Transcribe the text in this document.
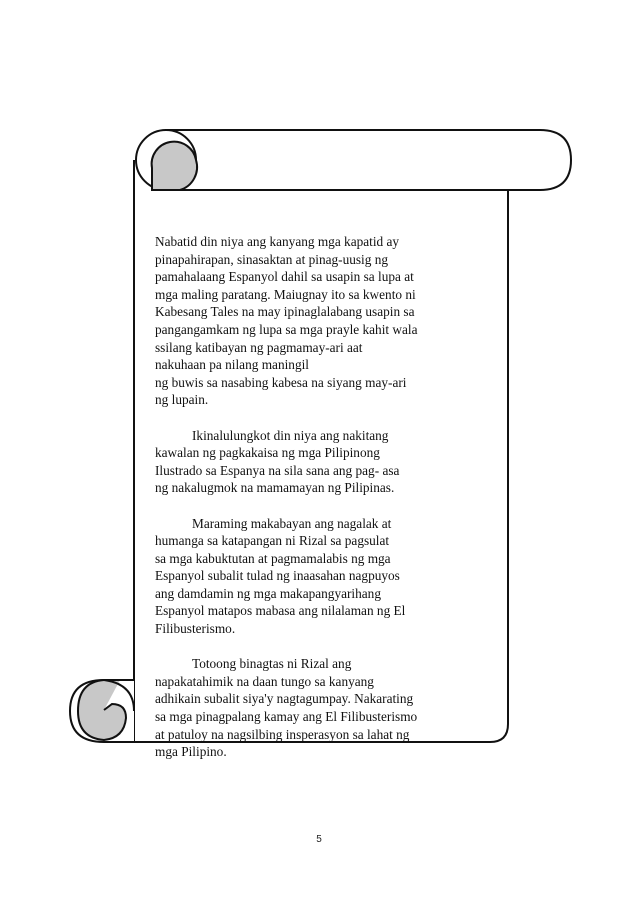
Nabatid din niya ang kanyang mga kapatid ay
pinapahirapan, sinasaktan at pinag-uusig ng
pamahalaang Espanyol dahil sa usapin sa lupa at
mga maling paratang. Maiugnay ito sa kwento ni
Kabesang Tales na may ipinaglalabang usapin sa
pangangamkam ng lupa sa mga prayle kahit wala
ssilang katibayan ng pagmamay-ari aat
nakuhaan pa nilang maningil
ng buwis sa nasabing kabesa na siyang may-ari
ng lupain.

Ikinalulungkot din niya ang nakitang
kawalan ng pagkakaisa ng mga Pilipinong
Ilustrado sa Espanya na sila sana ang pag- asa
ng nakalugmok na mamamayan ng Pilipinas.

Maraming makabayan ang nagalak at
humanga sa katapangan ni Rizal sa pagsulat
sa mga kabuktutan at pagmamalabis ng mga
Espanyol subalit tulad ng inaasahan nagpuyos
ang damdamin ng mga makapangyarihang
Espanyol matapos mabasa ang nilalaman ng El
Filibusterismo.

Totoong binagtas ni Rizal ang
napakatahimik na daan tungo sa kanyang
adhikain subalit siya'y nagtagumpay. Nakarating
sa mga pinagpalang kamay ang El Filibusterismo
at patuloy na nagsilbing insperasyon sa lahat ng
mga Pilipino.

5
